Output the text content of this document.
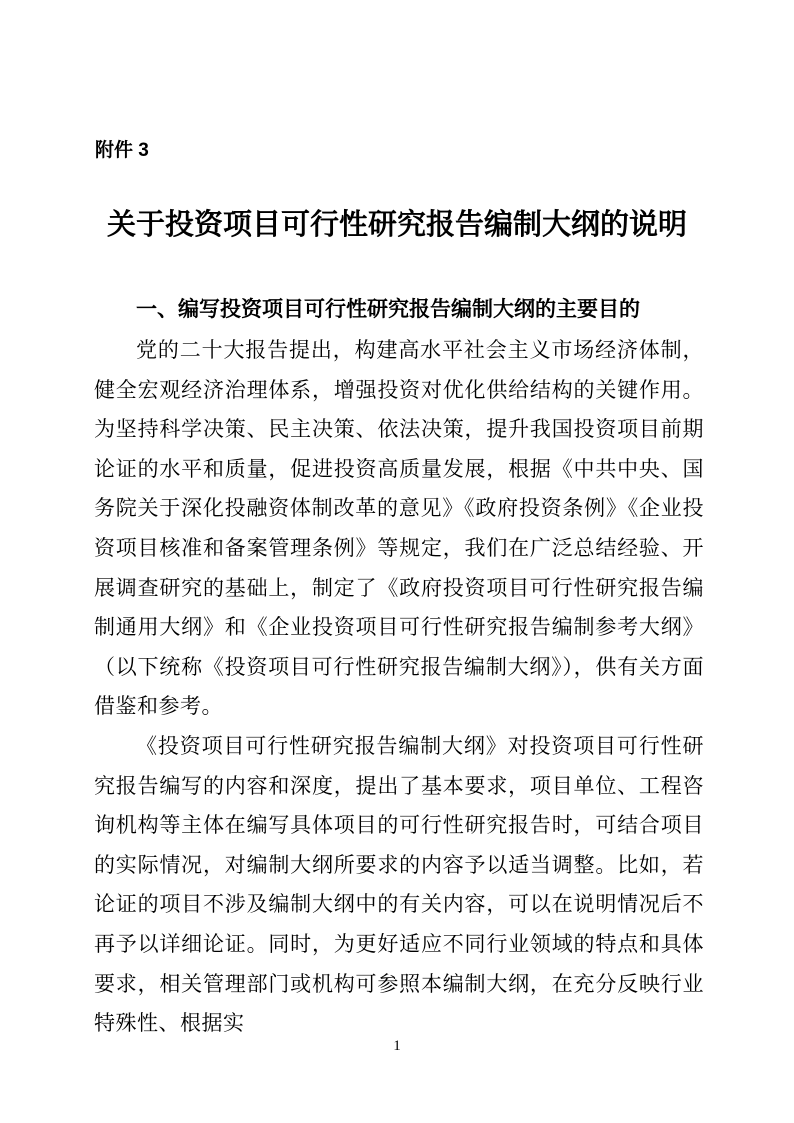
附件 3
关于投资项目可行性研究报告编制大纲的说明
一、编写投资项目可行性研究报告编制大纲的主要目的

党的二十大报告提出，构建高水平社会主义市场经济体制，健全宏观经济治理体系，增强投资对优化供给结构的关键作用。为坚持科学决策、民主决策、依法决策，提升我国投资项目前期论证的水平和质量，促进投资高质量发展，根据《中共中央、国务院关于深化投融资体制改革的意见》《政府投资条例》《企业投资项目核准和备案管理条例》等规定，我们在广泛总结经验、开展调查研究的基础上，制定了《政府投资项目可行性研究报告编制通用大纲》和《企业投资项目可行性研究报告编制参考大纲》（以下统称《投资项目可行性研究报告编制大纲》），供有关方面借鉴和参考。

《投资项目可行性研究报告编制大纲》对投资项目可行性研究报告编写的内容和深度，提出了基本要求，项目单位、工程咨询机构等主体在编写具体项目的可行性研究报告时，可结合项目的实际情况，对编制大纲所要求的内容予以适当调整。比如，若论证的项目不涉及编制大纲中的有关内容，可以在说明情况后不再予以详细论证。同时，为更好适应不同行业领域的特点和具体要求，相关管理部门或机构可参照本编制大纲，在充分反映行业特殊性、根据实

1
